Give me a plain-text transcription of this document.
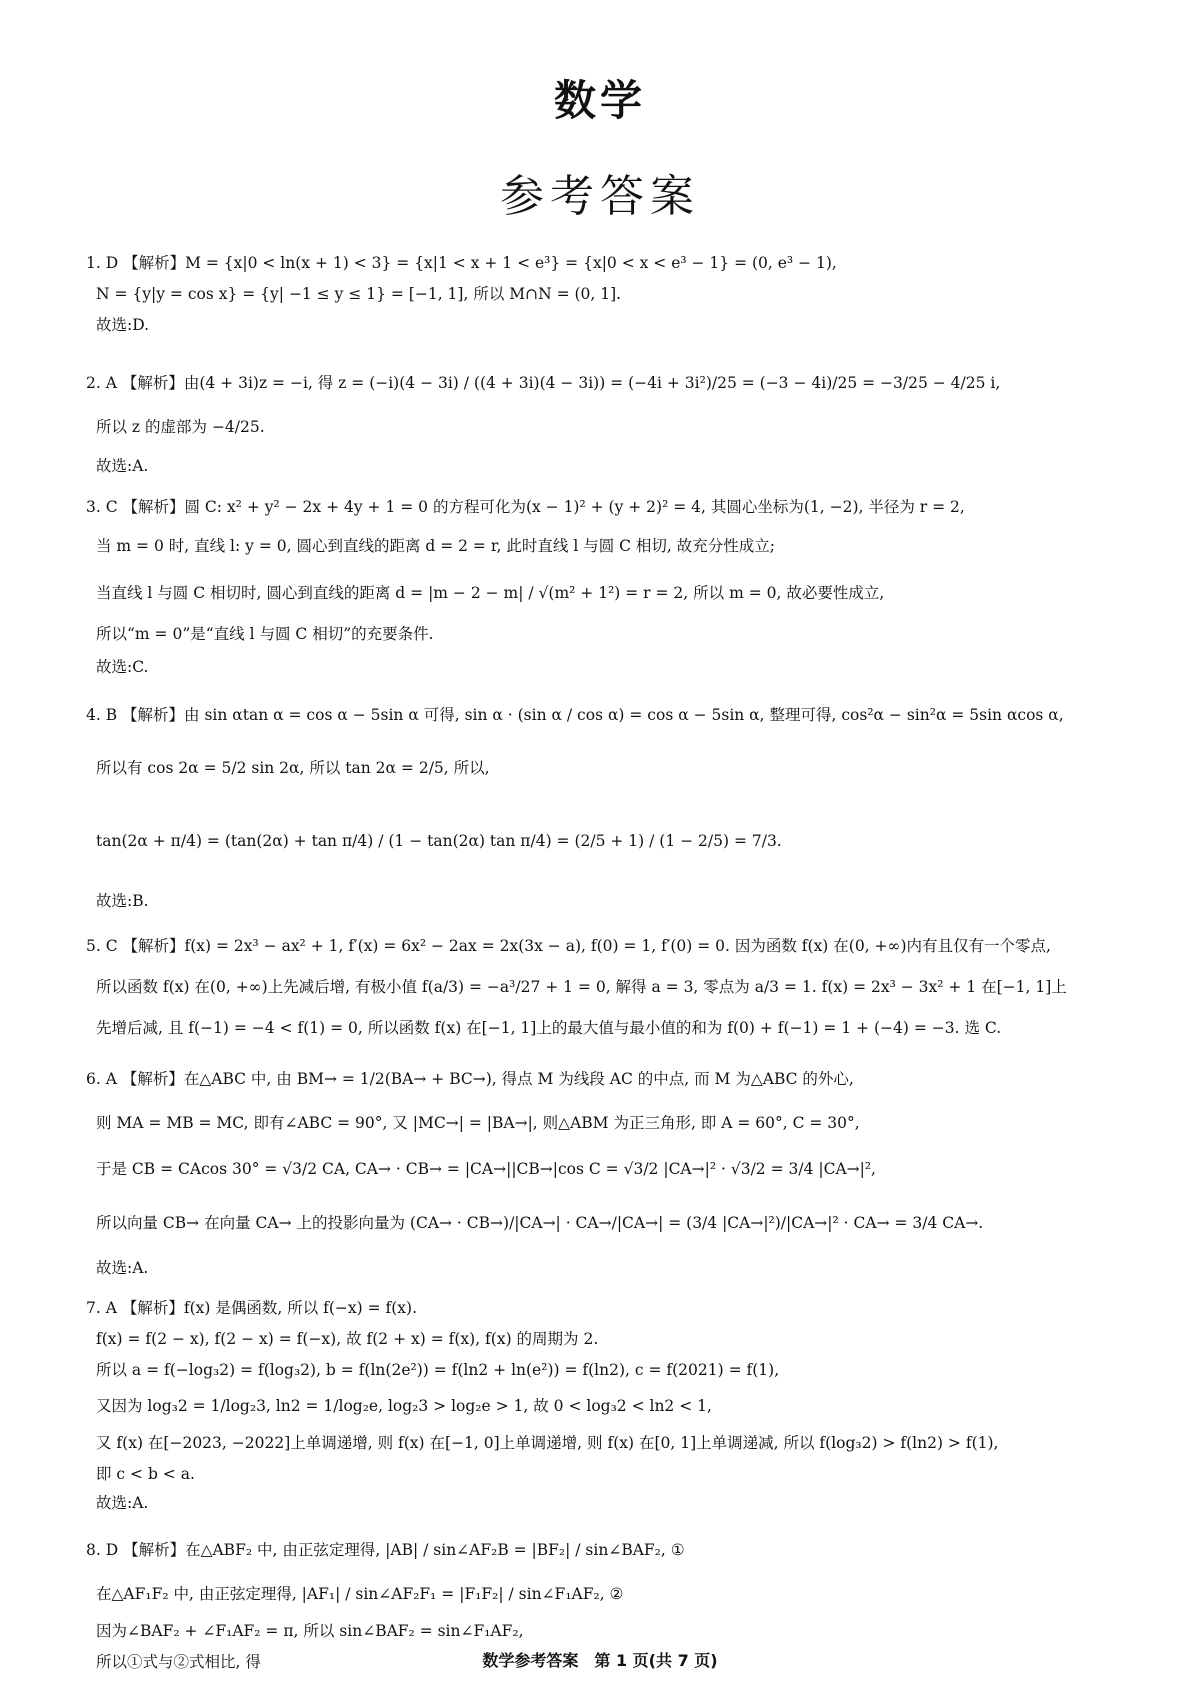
数学
参考答案
1. D 【解析】M = {x|0 < ln(x + 1) < 3} = {x|1 < x + 1 < e³} = {x|0 < x < e³ − 1} = (0, e³ − 1),
N = {y|y = cos x} = {y| −1 ≤ y ≤ 1} = [−1, 1], 所以 M∩N = (0, 1].
故选:D.
2. A 【解析】由(4 + 3i)z = −i, 得 z = (−i)(4 − 3i) / ((4 + 3i)(4 − 3i)) = (−4i + 3i²)/25 = (−3 − 4i)/25 = −3/25 − 4/25 i,
所以 z 的虚部为 −4/25.
故选:A.
3. C 【解析】圆 C: x² + y² − 2x + 4y + 1 = 0 的方程可化为(x − 1)² + (y + 2)² = 4, 其圆心坐标为(1, −2), 半径为 r = 2,
当 m = 0 时, 直线 l: y = 0, 圆心到直线的距离 d = 2 = r, 此时直线 l 与圆 C 相切, 故充分性成立;
当直线 l 与圆 C 相切时, 圆心到直线的距离 d = |m − 2 − m| / √(m² + 1²) = r = 2, 所以 m = 0, 故必要性成立,
所以“m = 0”是“直线 l 与圆 C 相切”的充要条件.
故选:C.
4. B 【解析】由 sin αtan α = cos α − 5sin α 可得, sin α · (sin α / cos α) = cos α − 5sin α, 整理可得, cos²α − sin²α = 5sin αcos α,
所以有 cos 2α = 5/2 sin 2α, 所以 tan 2α = 2/5, 所以,
tan(2α + π/4) = (tan(2α) + tan π/4) / (1 − tan(2α) tan π/4) = (2/5 + 1) / (1 − 2/5) = 7/3.
故选:B.
5. C 【解析】f(x) = 2x³ − ax² + 1, f′(x) = 6x² − 2ax = 2x(3x − a), f(0) = 1, f′(0) = 0. 因为函数 f(x) 在(0, +∞)内有且仅有一个零点,
所以函数 f(x) 在(0, +∞)上先减后增, 有极小值 f(a/3) = −a³/27 + 1 = 0, 解得 a = 3, 零点为 a/3 = 1. f(x) = 2x³ − 3x² + 1 在[−1, 1]上
先增后减, 且 f(−1) = −4 < f(1) = 0, 所以函数 f(x) 在[−1, 1]上的最大值与最小值的和为 f(0) + f(−1) = 1 + (−4) = −3. 选 C.
6. A 【解析】在△ABC 中, 由 BM→ = 1/2(BA→ + BC→), 得点 M 为线段 AC 的中点, 而 M 为△ABC 的外心,
则 MA = MB = MC, 即有∠ABC = 90°, 又 |MC→| = |BA→|, 则△ABM 为正三角形, 即 A = 60°, C = 30°,
于是 CB = CAcos 30° = √3/2 CA, CA→ · CB→ = |CA→||CB→|cos C = √3/2 |CA→|² · √3/2 = 3/4 |CA→|²,
所以向量 CB→ 在向量 CA→ 上的投影向量为 (CA→ · CB→)/|CA→| · CA→/|CA→| = (3/4 |CA→|²)/|CA→|² · CA→ = 3/4 CA→.
故选:A.
7. A 【解析】f(x) 是偶函数, 所以 f(−x) = f(x).
f(x) = f(2 − x), f(2 − x) = f(−x), 故 f(2 + x) = f(x), f(x) 的周期为 2.
所以 a = f(−log₃2) = f(log₃2), b = f(ln(2e²)) = f(ln2 + ln(e²)) = f(ln2), c = f(2021) = f(1),
又因为 log₃2 = 1/log₂3, ln2 = 1/log₂e, log₂3 > log₂e > 1, 故 0 < log₃2 < ln2 < 1,
又 f(x) 在[−2023, −2022]上单调递增, 则 f(x) 在[−1, 0]上单调递增, 则 f(x) 在[0, 1]上单调递减, 所以 f(log₃2) > f(ln2) > f(1),
即 c < b < a.
故选:A.
8. D 【解析】在△ABF₂ 中, 由正弦定理得, |AB| / sin∠AF₂B = |BF₂| / sin∠BAF₂, ①
在△AF₁F₂ 中, 由正弦定理得, |AF₁| / sin∠AF₂F₁ = |F₁F₂| / sin∠F₁AF₂, ②
因为∠BAF₂ + ∠F₁AF₂ = π, 所以 sin∠BAF₂ = sin∠F₁AF₂,
所以①式与②式相比, 得	数学参考答案　第 1 页(共 7 页)
